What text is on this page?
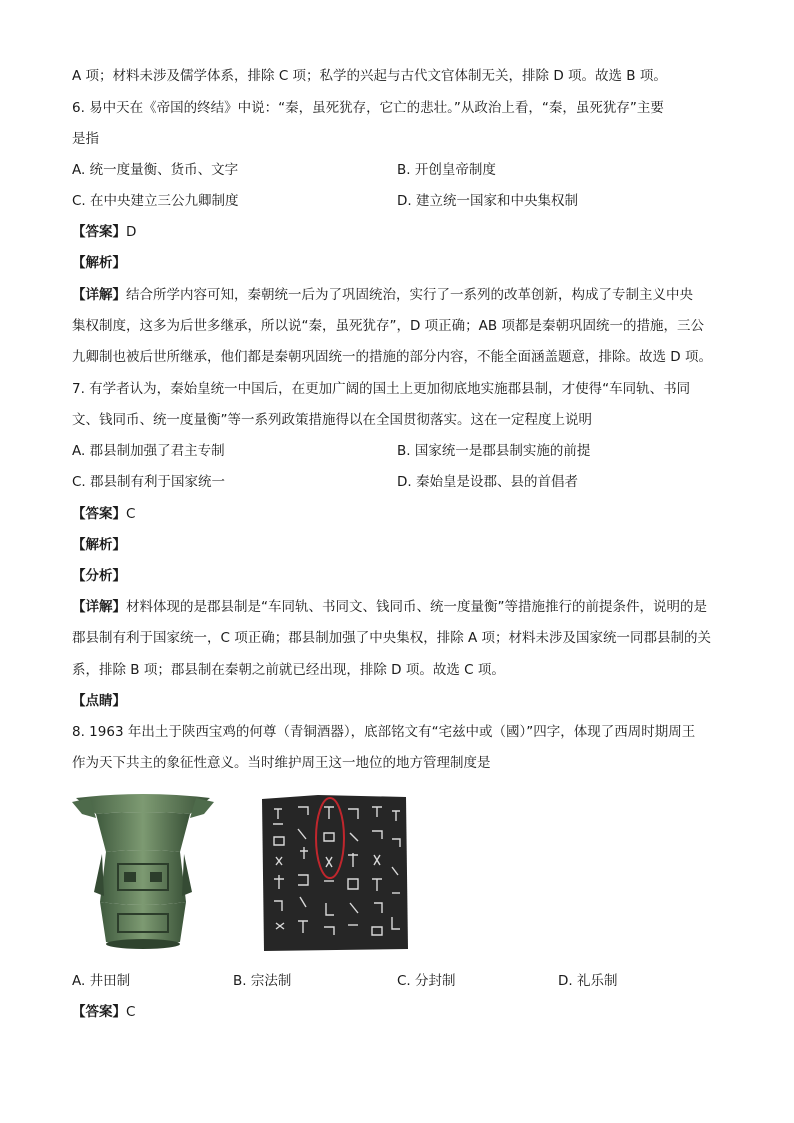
A 项；材料未涉及儒学体系，排除 C 项；私学的兴起与古代文官体制无关，排除 D 项。故选 B 项。
6. 易中天在《帝国的终结》中说：“秦，虽死犹存，它亡的悲壮。”从政治上看，“秦，虽死犹存”主要
是指
A. 统一度量衡、货币、文字	B. 开创皇帝制度
C. 在中央建立三公九卿制度	D. 建立统一国家和中央集权制
【答案】D
【解析】
【详解】结合所学内容可知，秦朝统一后为了巩固统治，实行了一系列的改革创新，构成了专制主义中央
集权制度，这多为后世多继承，所以说“秦，虽死犹存”，D 项正确；AB 项都是秦朝巩固统一的措施，三公
九卿制也被后世所继承，他们都是秦朝巩固统一的措施的部分内容，不能全面涵盖题意，排除。故选 D 项。
7. 有学者认为，秦始皇统一中国后，在更加广阔的国土上更加彻底地实施郡县制，才使得“车同轨、书同
文、钱同币、统一度量衡”等一系列政策措施得以在全国贯彻落实。这在一定程度上说明
A. 郡县制加强了君主专制	B. 国家统一是郡县制实施的前提
C. 郡县制有利于国家统一	D. 秦始皇是设郡、县的首倡者
【答案】C
【解析】
【分析】
【详解】材料体现的是郡县制是“车同轨、书同文、钱同币、统一度量衡”等措施推行的前提条件，说明的是
郡县制有利于国家统一，C 项正确；郡县制加强了中央集权，排除 A 项；材料未涉及国家统一同郡县制的关
系，排除 B 项；郡县制在秦朝之前就已经出现，排除 D 项。故选 C 项。
【点睛】
8. 1963 年出土于陕西宝鸡的何尊（青铜酒器），底部铭文有“宅兹中或（國）”四字，体现了西周时期周王
作为天下共主的象征性意义。当时维护周王这一地位的地方管理制度是
A. 井田制	B. 宗法制	C. 分封制	D. 礼乐制
【答案】C
